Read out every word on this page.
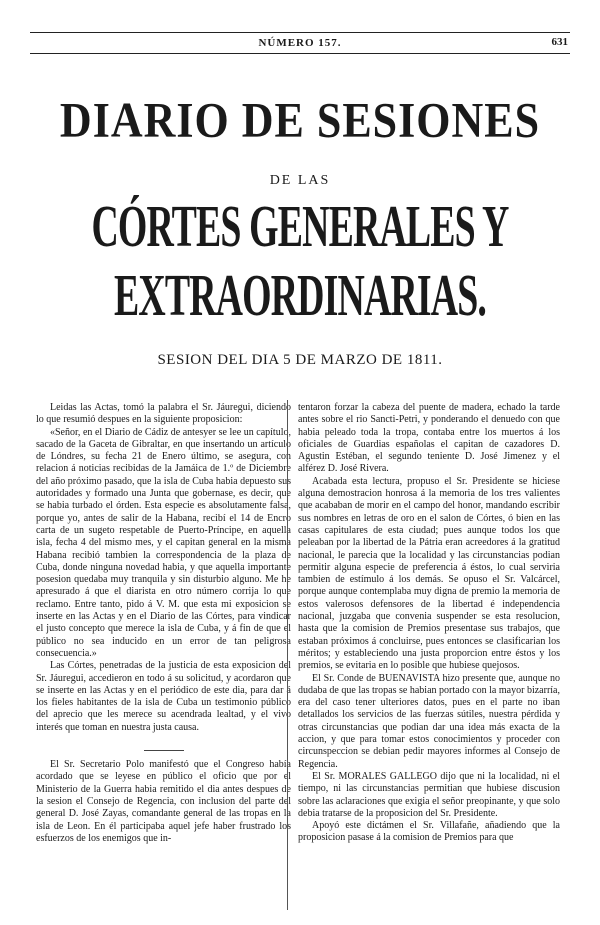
NÚMERO 157.	631
DIARIO DE SESIONES
DE LAS
CÓRTES GENERALES Y EXTRAORDINARIAS.
SESION DEL DIA 5 DE MARZO DE 1811.

Leidas las Actas, tomó la palabra el Sr. Jáuregui, diciendo lo que resumió despues en la siguiente proposicion:

«Señor, en el Diario de Cádiz de antesyer se lee un capítulo, sacado de la Gaceta de Gibraltar, en que insertando un artículo de Lóndres, su fecha 21 de Enero último, se asegura, con relacion á noticias recibidas de la Jamáica de 1.º de Diciembre del año próximo pasado, que la isla de Cuba habia depuesto sus autoridades y formado una Junta que gobernase, es decir, que se habia turbado el órden. Esta especie es absolutamente falsa, porque yo, antes de salir de la Habana, recibí el 14 de Encro carta de un sugeto respetable de Puerto-Príncipe, en aquella isla, fecha 4 del mismo mes, y el capitan general en la misma Habana recibió tambien la correspondencia de la plaza de Cuba, donde ninguna novedad habia, y que aquella importante posesion quedaba muy tranquila y sin disturbio alguno. Me he apresurado á que el diarista en otro número corrija lo que reclamo. Entre tanto, pido á V. M. que esta mi exposicion se inserte en las Actas y en el Diario de las Córtes, para vindicar el justo concepto que merece la isla de Cuba, y á fin de que el público no sea inducido en un error de tan peligrosa consecuencia.»

Las Córtes, penetradas de la justicia de esta exposicion del Sr. Jáuregui, accedieron en todo á su solicitud, y acordaron que se inserte en las Actas y en el periódico de este dia, para dar á los fieles habitantes de la isla de Cuba un testimonio público del aprecio que les merece su acendrada lealtad, y el vivo interés que toman en nuestra justa causa.

El Sr. Secretario Polo manifestó que el Congreso había acordado que se leyese en público el oficio que por el Ministerio de la Guerra habia remitido el dia antes despues de la sesion el Consejo de Regencia, con inclusion del parte del general D. José Zayas, comandante general de las tropas en la isla de Leon. En él participaba aquel jefe haber frustrado los esfuerzos de los enemigos que in-

tentaron forzar la cabeza del puente de madera, echado la tarde antes sobre el rio Sancti-Petri, y ponderando el denuedo con que habia peleado toda la tropa, contaba entre los muertos á los oficiales de Guardias españolas el capitan de cazadores D. Agustin Estéban, el segundo teniente D. José Jimenez y el alférez D. José Rivera.

Acabada esta lectura, propuso el Sr. Presidente se hiciese alguna demostracion honrosa á la memoria de los tres valientes que acababan de morir en el campo del honor, mandando escribir sus nombres en letras de oro en el salon de Córtes, ó bien en las casas capitulares de esta ciudad; pues aunque todos los que peleaban por la libertad de la Pátria eran acreedores á la gratitud nacional, le parecia que la localidad y las circunstancias podian permitir alguna especie de preferencia á éstos, lo cual serviria tambien de estímulo á los demás. Se opuso el Sr. Valcárcel, porque aunque contemplaba muy digna de premio la memoria de estos valerosos defensores de la libertad é independencia nacional, juzgaba que convenia suspender se esta resolucion, hasta que la comision de Premios presentase sus trabajos, que estaban próximos á concluirse, pues entonces se clasificarian los méritos; y estableciendo una justa proporcion entre éstos y los premios, se evitaria en lo posible que hubiese quejosos.

El Sr. Conde de BUENAVISTA hizo presente que, aunque no dudaba de que las tropas se habian portado con la mayor bizarría, era del caso tener ulteriores datos, pues en el parte no iban detallados los servicios de las fuerzas sútiles, nuestra pérdida y otras circunstancias que podian dar una idea más exacta de la accion, y que para tomar estos conocimientos y proceder con circunspeccion se debian pedir mayores informes al Consejo de Regencia.

El Sr. MORALES GALLEGO dijo que ni la localidad, ni el tiempo, ni las circunstancias permitian que hubiese discusion sobre las aclaraciones que exigia el señor preopinante, y que solo debia tratarse de la proposicion del Sr. Presidente.

Apoyó este dictámen el Sr. Villafañe, añadiendo que la proposicion pasase á la comision de Premios para que
